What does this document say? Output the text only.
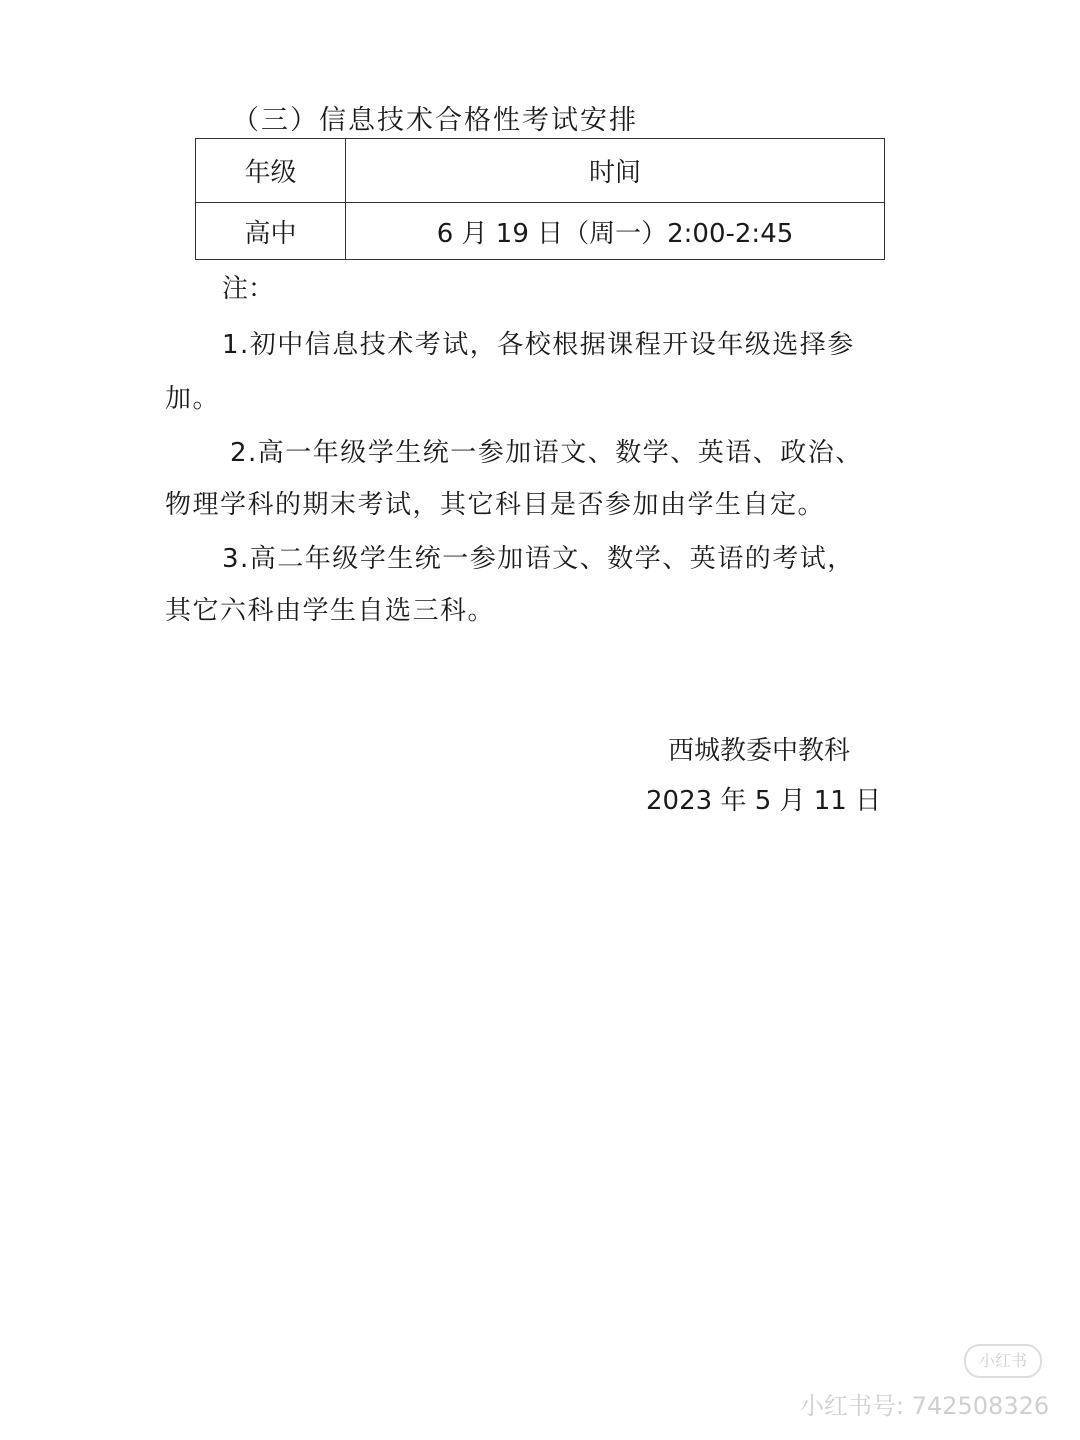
（三）信息技术合格性考试安排
年级	时间
高中	6 月 19 日（周一）2:00-2:45
注：
1.初中信息技术考试，各校根据课程开设年级选择参
加。
2.高一年级学生统一参加语文、数学、英语、政治、
物理学科的期末考试，其它科目是否参加由学生自定。
3.高二年级学生统一参加语文、数学、英语的考试，
其它六科由学生自选三科。
西城教委中教科
2023 年 5 月 11 日
小红书
小红书号: 742508326
